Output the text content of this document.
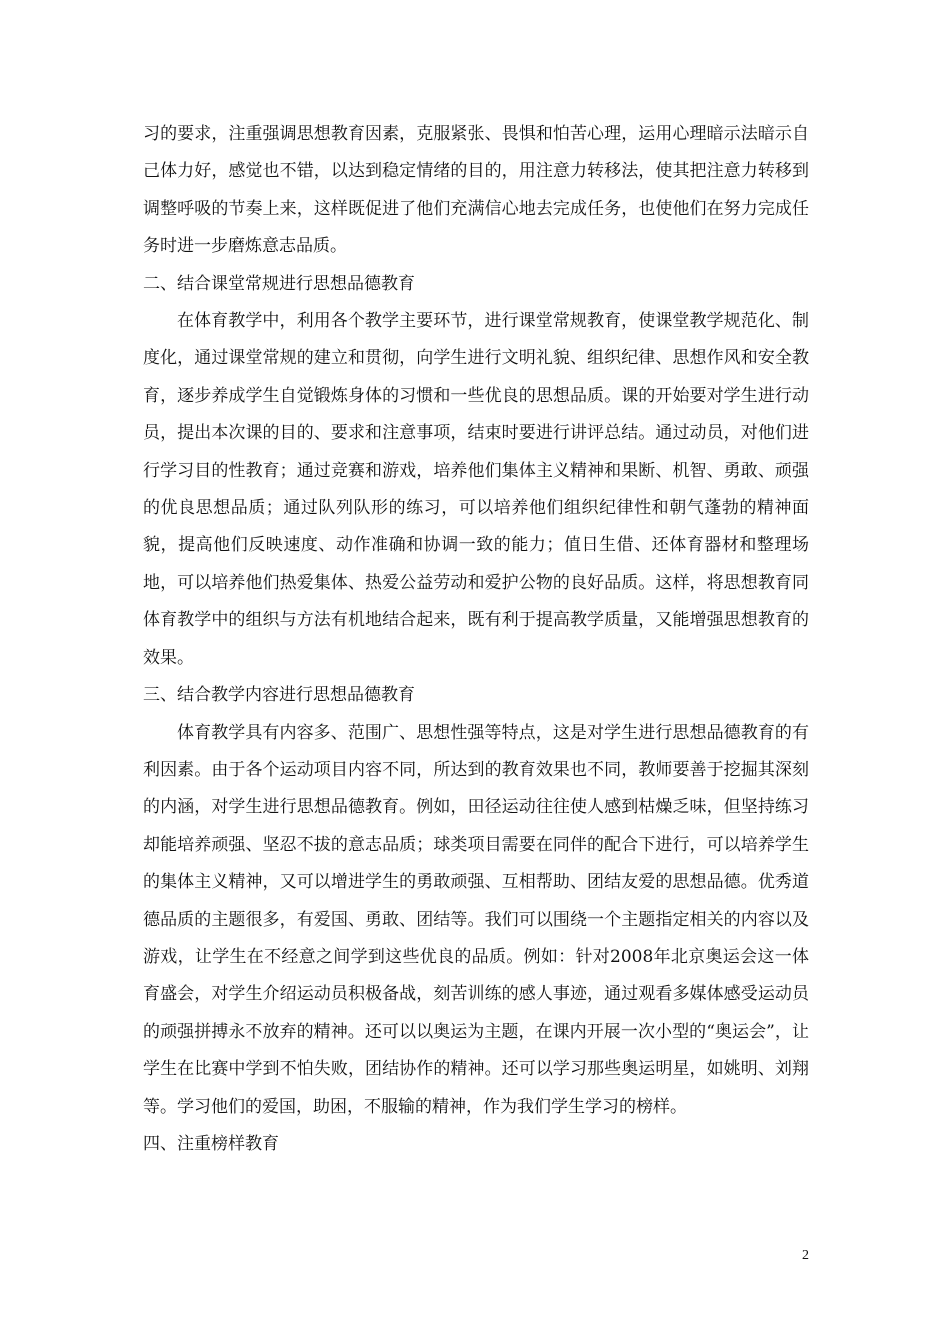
习的要求，注重强调思想教育因素，克服紧张、畏惧和怕苦心理，运用心理暗示法暗示自己体力好，感觉也不错，以达到稳定情绪的目的，用注意力转移法，使其把注意力转移到调整呼吸的节奏上来，这样既促进了他们充满信心地去完成任务，也使他们在努力完成任务时进一步磨炼意志品质。

二、结合课堂常规进行思想品德教育

在体育教学中，利用各个教学主要环节，进行课堂常规教育，使课堂教学规范化、制度化，通过课堂常规的建立和贯彻，向学生进行文明礼貌、组织纪律、思想作风和安全教育，逐步养成学生自觉锻炼身体的习惯和一些优良的思想品质。课的开始要对学生进行动员，提出本次课的目的、要求和注意事项，结束时要进行讲评总结。通过动员，对他们进行学习目的性教育；通过竞赛和游戏，培养他们集体主义精神和果断、机智、勇敢、顽强的优良思想品质；通过队列队形的练习，可以培养他们组织纪律性和朝气蓬勃的精神面貌，提高他们反映速度、动作准确和协调一致的能力；值日生借、还体育器材和整理场地，可以培养他们热爱集体、热爱公益劳动和爱护公物的良好品质。这样，将思想教育同体育教学中的组织与方法有机地结合起来，既有利于提高教学质量，又能增强思想教育的效果。

三、结合教学内容进行思想品德教育

体育教学具有内容多、范围广、思想性强等特点，这是对学生进行思想品德教育的有利因素。由于各个运动项目内容不同，所达到的教育效果也不同，教师要善于挖掘其深刻的内涵，对学生进行思想品德教育。例如，田径运动往往使人感到枯燥乏味，但坚持练习却能培养顽强、坚忍不拔的意志品质；球类项目需要在同伴的配合下进行，可以培养学生的集体主义精神，又可以增进学生的勇敢顽强、互相帮助、团结友爱的思想品德。优秀道德品质的主题很多，有爱国、勇敢、团结等。我们可以围绕一个主题指定相关的内容以及游戏，让学生在不经意之间学到这些优良的品质。例如：针对2008年北京奥运会这一体育盛会，对学生介绍运动员积极备战，刻苦训练的感人事迹，通过观看多媒体感受运动员的顽强拼搏永不放弃的精神。还可以以奥运为主题，在课内开展一次小型的“奥运会”，让学生在比赛中学到不怕失败，团结协作的精神。还可以学习那些奥运明星，如姚明、刘翔等。学习他们的爱国，助困，不服输的精神，作为我们学生学习的榜样。

四、注重榜样教育

2
